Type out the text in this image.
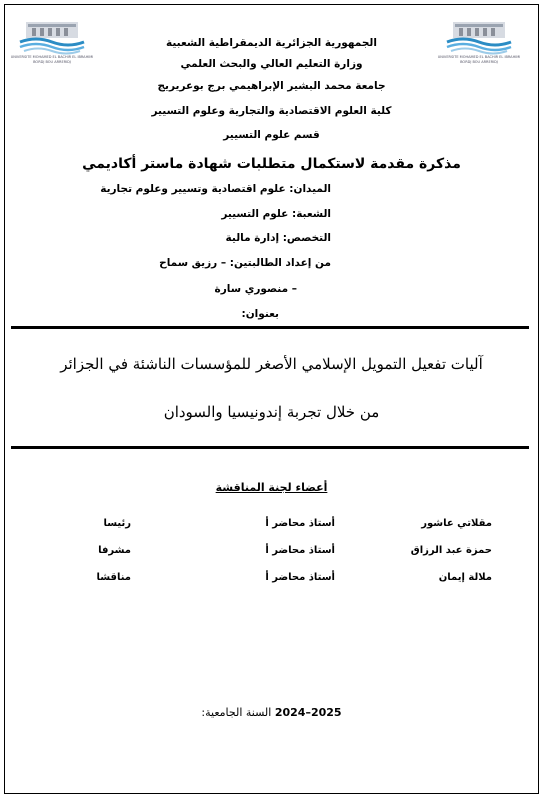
UNIVERSITE MOHAMED EL BACHIR EL IBRAHIMI
BORDJ BOU ARRERIDJ
UNIVERSITE MOHAMED EL BACHIR EL IBRAHIMI
BORDJ BOU ARRERIDJ
الجمهورية الجزائرية الديمقراطية الشعبية
وزارة التعليم العالي والبحث العلمي
جامعة محمد البشير الإبراهيمي برج بوعريريج
كلية العلوم الاقتصادية والتجارية وعلوم التسيير
قسم علوم التسيير
مذكرة مقدمة لاستكمال متطلبات شهادة ماستر أكاديمي
الميدان: علوم اقتصادية وتسيير وعلوم تجارية
الشعبة: علوم التسيير
التخصص: إدارة مالية
من إعداد الطالبتين: – رزيق سماح
– منصوري سارة
بعنوان:
آليات تفعيل التمويل الإسلامي الأصغر للمؤسسات الناشئة في الجزائر
من خلال تجربة إندونيسيا والسودان
أعضاء لجنة المناقشة
مقلاتي عاشور
أستاذ محاضر أ
رئيسا
حمزة عبد الرزاق
أستاذ محاضر أ
مشرفا
ملالة إيمان
أستاذ محاضر أ
مناقشا
السنة الجامعية: 2024–2025
